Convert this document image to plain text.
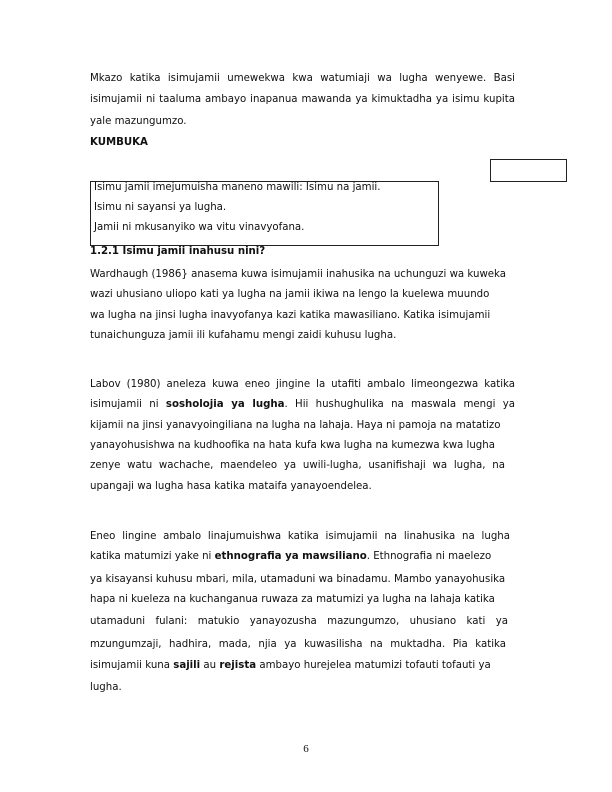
Mkazo katika isimujamii umewekwa kwa watumiaji wa lugha wenyewe. Basi
isimujamii ni taaluma ambayo inapanua mawanda ya kimuktadha ya isimu kupita
yale mazungumzo.
KUMBUKA
Isimu jamii imejumuisha maneno mawili: Isimu na jamii.
Isimu ni sayansi ya lugha.
Jamii ni mkusanyiko wa vitu vinavyofana.
1.2.1 Isimu jamii inahusu nini?
Wardhaugh (1986} anasema kuwa isimujamii inahusika na uchunguzi wa kuweka
wazi uhusiano uliopo kati ya lugha na jamii ikiwa na lengo la kuelewa muundo
wa lugha na jinsi lugha inavyofanya kazi katika mawasiliano. Katika isimujamii
tunaichunguza jamii ili kufahamu mengi zaidi kuhusu lugha.
Labov (1980) aneleza kuwa eneo jingine la utafiti ambalo limeongezwa katika
isimujamii ni sosholojia ya lugha. Hii hushughulika na maswala mengi ya
kijamii na jinsi yanavyoingiliana na lugha na lahaja. Haya ni pamoja na matatizo
yanayohusishwa na kudhoofika na hata kufa kwa lugha na kumezwa kwa lugha
zenye watu wachache, maendeleo ya uwili-lugha, usanifishaji wa lugha, na
upangaji wa lugha hasa katika mataifa yanayoendelea.
Eneo lingine ambalo linajumuishwa katika isimujamii na linahusika na lugha
katika matumizi yake ni ethnografia ya mawsiliano. Ethnografia ni maelezo
ya kisayansi kuhusu mbari, mila, utamaduni wa binadamu. Mambo yanayohusika
hapa ni kueleza na kuchanganua ruwaza za matumizi ya lugha na lahaja katika
utamaduni fulani: matukio yanayozusha mazungumzo, uhusiano kati ya
mzungumzaji, hadhira, mada, njia ya kuwasilisha na muktadha. Pia katika
isimujamii kuna sajili au rejista ambayo hurejelea matumizi tofauti tofauti ya
lugha.
6
